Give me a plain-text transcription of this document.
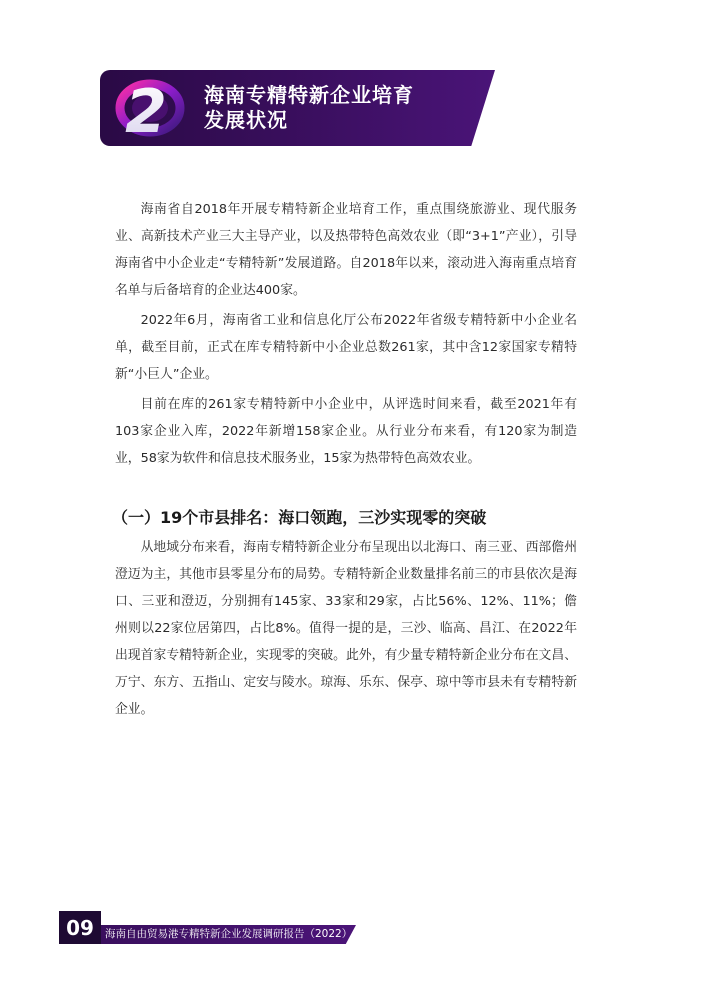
2 海南专精特新企业培育
发展状况

海南省自2018年开展专精特新企业培育工作，重点围绕旅游业、现代服务业、高新技术产业三大主导产业，以及热带特色高效农业（即“3+1”产业），引导海南省中小企业走“专精特新”发展道路。自2018年以来，滚动进入海南重点培育名单与后备培育的企业达400家。

2022年6月，海南省工业和信息化厅公布2022年省级专精特新中小企业名单，截至目前，正式在库专精特新中小企业总数261家，其中含12家国家专精特新“小巨人”企业。

目前在库的261家专精特新中小企业中，从评选时间来看，截至2021年有103家企业入库，2022年新增158家企业。从行业分布来看，有120家为制造业，58家为软件和信息技术服务业，15家为热带特色高效农业。

（一）19个市县排名：海口领跑，三沙实现零的突破

从地域分布来看，海南专精特新企业分布呈现出以北海口、南三亚、西部儋州澄迈为主，其他市县零星分布的局势。专精特新企业数量排名前三的市县依次是海口、三亚和澄迈，分别拥有145家、33家和29家，占比56%、12%、11%；儋州则以22家位居第四，占比8%。值得一提的是，三沙、临高、昌江、在2022年出现首家专精特新企业，实现零的突破。此外，有少量专精特新企业分布在文昌、万宁、东方、五指山、定安与陵水。琼海、乐东、保亭、琼中等市县未有专精特新企业。

09	海南自由贸易港专精特新企业发展调研报告（2022）
